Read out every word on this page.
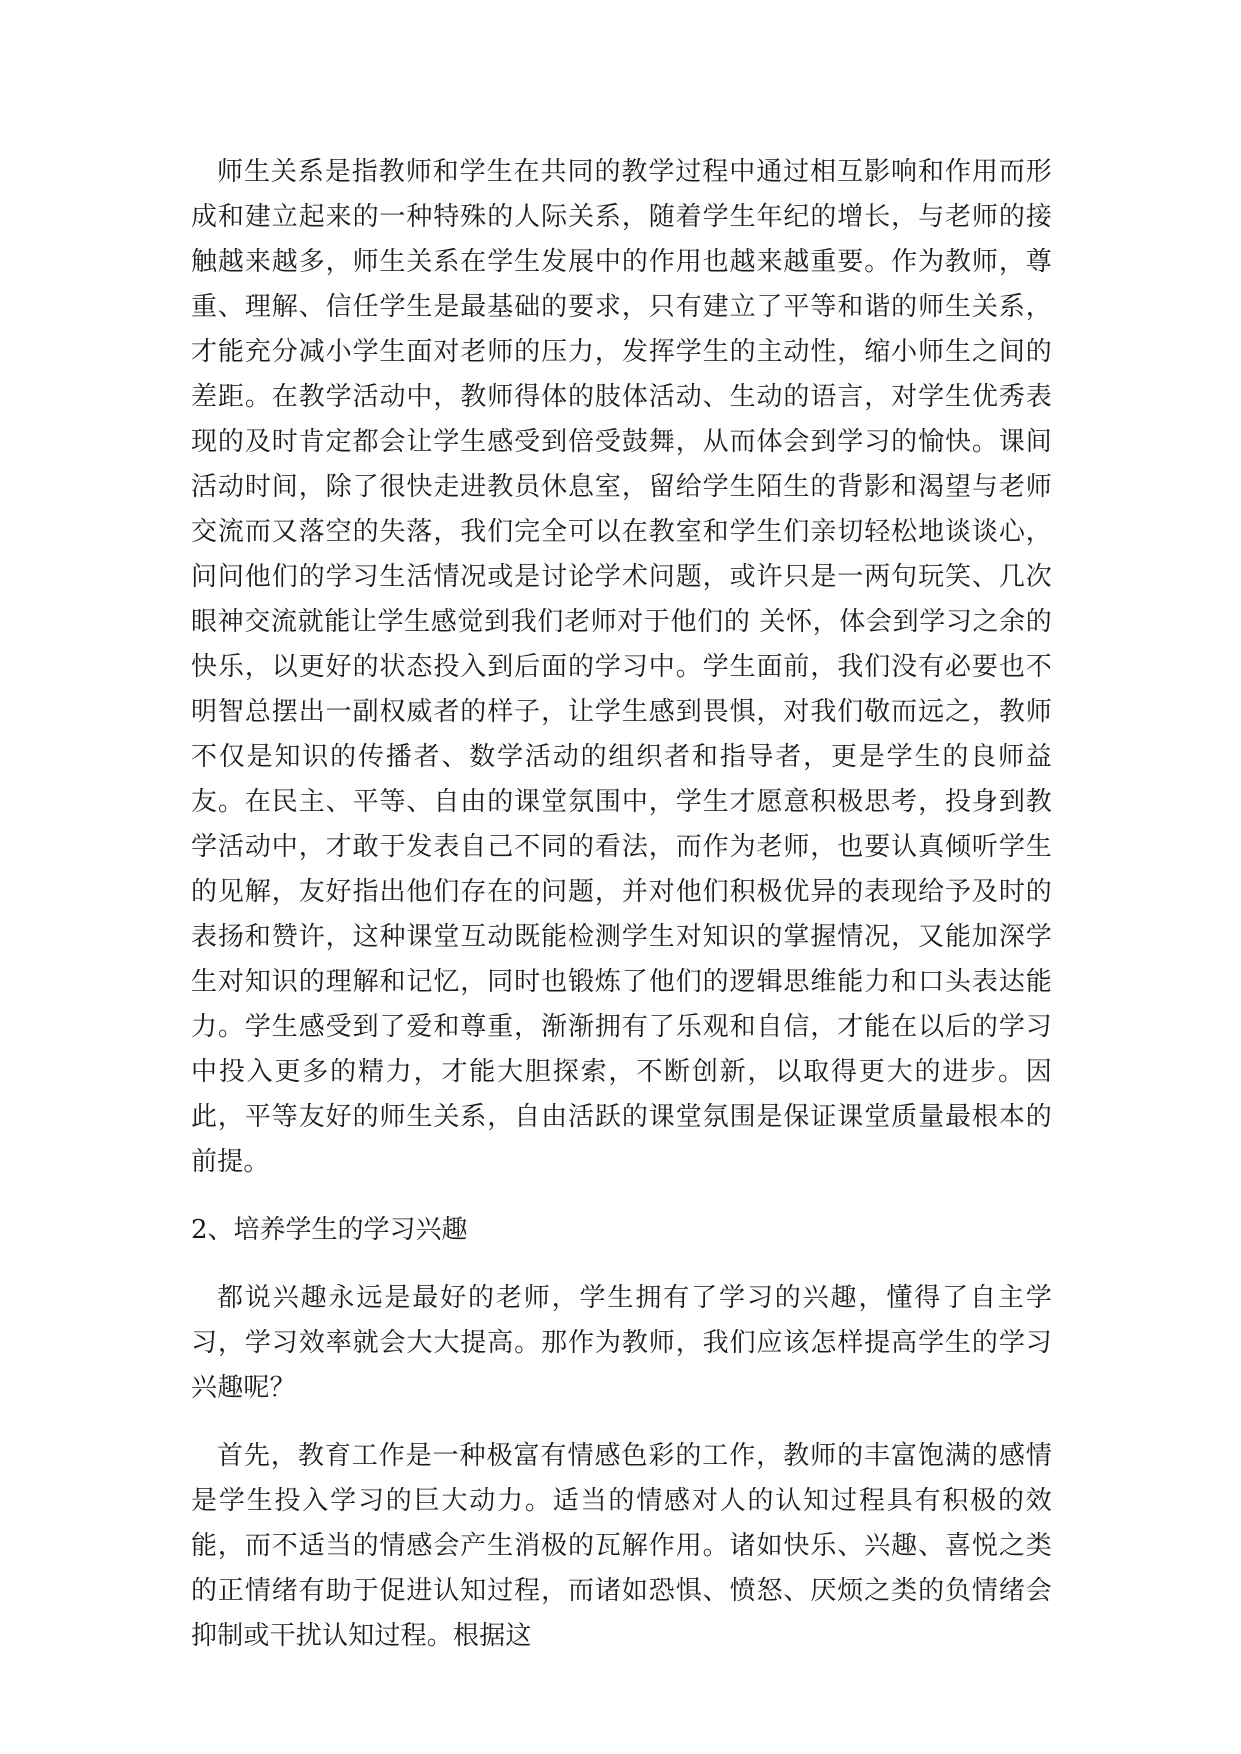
师生关系是指教师和学生在共同的教学过程中通过相互影响和作用而形成和建立起来的一种特殊的人际关系，随着学生年纪的增长，与老师的接触越来越多，师生关系在学生发展中的作用也越来越重要。作为教师，尊重、理解、信任学生是最基础的要求，只有建立了平等和谐的师生关系，才能充分减小学生面对老师的压力，发挥学生的主动性，缩小师生之间的差距。在教学活动中，教师得体的肢体活动、生动的语言，对学生优秀表现的及时肯定都会让学生感受到倍受鼓舞，从而体会到学习的愉快。课间活动时间，除了很快走进教员休息室，留给学生陌生的背影和渴望与老师交流而又落空的失落，我们完全可以在教室和学生们亲切轻松地谈谈心，问问他们的学习生活情况或是讨论学术问题，或许只是一两句玩笑、几次眼神交流就能让学生感觉到我们老师对于他们的 关怀，体会到学习之余的快乐，以更好的状态投入到后面的学习中。学生面前，我们没有必要也不明智总摆出一副权威者的样子，让学生感到畏惧，对我们敬而远之，教师不仅是知识的传播者、数学活动的组织者和指导者，更是学生的良师益友。在民主、平等、自由的课堂氛围中，学生才愿意积极思考，投身到教学活动中，才敢于发表自己不同的看法，而作为老师，也要认真倾听学生的见解，友好指出他们存在的问题，并对他们积极优异的表现给予及时的表扬和赞许，这种课堂互动既能检测学生对知识的掌握情况，又能加深学生对知识的理解和记忆，同时也锻炼了他们的逻辑思维能力和口头表达能力。学生感受到了爱和尊重，渐渐拥有了乐观和自信，才能在以后的学习中投入更多的精力，才能大胆探索，不断创新，以取得更大的进步。因此，平等友好的师生关系，自由活跃的课堂氛围是保证课堂质量最根本的前提。

2、培养学生的学习兴趣

都说兴趣永远是最好的老师，学生拥有了学习的兴趣，懂得了自主学习，学习效率就会大大提高。那作为教师，我们应该怎样提高学生的学习兴趣呢？

首先，教育工作是一种极富有情感色彩的工作，教师的丰富饱满的感情是学生投入学习的巨大动力。适当的情感对人的认知过程具有积极的效能，而不适当的情感会产生消极的瓦解作用。诸如快乐、兴趣、喜悦之类的正情绪有助于促进认知过程，而诸如恐惧、愤怒、厌烦之类的负情绪会抑制或干扰认知过程。根据这
